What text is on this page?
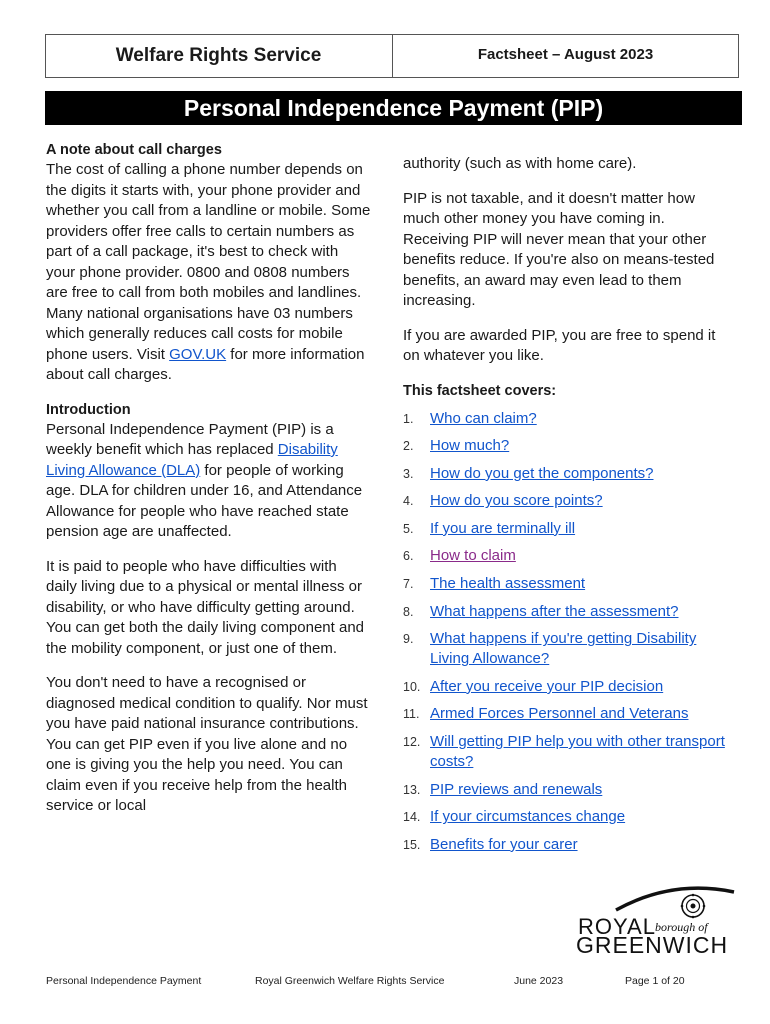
Welfare Rights Service	Factsheet – August 2023
Personal Independence Payment (PIP)
A note about call charges

The cost of calling a phone number depends on the digits it starts with, your phone provider and whether you call from a landline or mobile. Some providers offer free calls to certain numbers as part of a call package, it's best to check with your phone provider. 0800 and 0808 numbers are free to call from both mobiles and landlines. Many national organisations have 03 numbers which generally reduces call costs for mobile phone users. Visit GOV.UK for more information about call charges.

Introduction

Personal Independence Payment (PIP) is a weekly benefit which has replaced Disability Living Allowance (DLA) for people of working age. DLA for children under 16, and Attendance Allowance for people who have reached state pension age are unaffected.

It is paid to people who have difficulties with daily living due to a physical or mental illness or disability, or who have difficulty getting around. You can get both the daily living component and the mobility component, or just one of them.

You don't need to have a recognised or diagnosed medical condition to qualify. Nor must you have paid national insurance contributions. You can get PIP even if you live alone and no one is giving you the help you need. You can claim even if you receive help from the health service or local

authority (such as with home care).

PIP is not taxable, and it doesn't matter how much other money you have coming in. Receiving PIP will never mean that your other benefits reduce. If you're also on means-tested benefits, an award may even lead to them increasing.

If you are awarded PIP, you are free to spend it on whatever you like.

This factsheet covers:
1.	Who can claim?
2.	How much?
3.	How do you get the components?
4.	How do you score points?
5.	If you are terminally ill
6.	How to claim
7.	The health assessment
8.	What happens after the assessment?
9.	What happens if you're getting Disability Living Allowance?
10. After you receive your PIP decision
11. Armed Forces Personnel and Veterans
12. Will getting PIP help you with other transport costs?
13. PIP reviews and renewals
14. If your circumstances change
15. Benefits for your carer
ROYAL borough of
GREENWICH
Personal Independence Payment	Royal Greenwich Welfare Rights Service	June 2023	Page 1 of 20
